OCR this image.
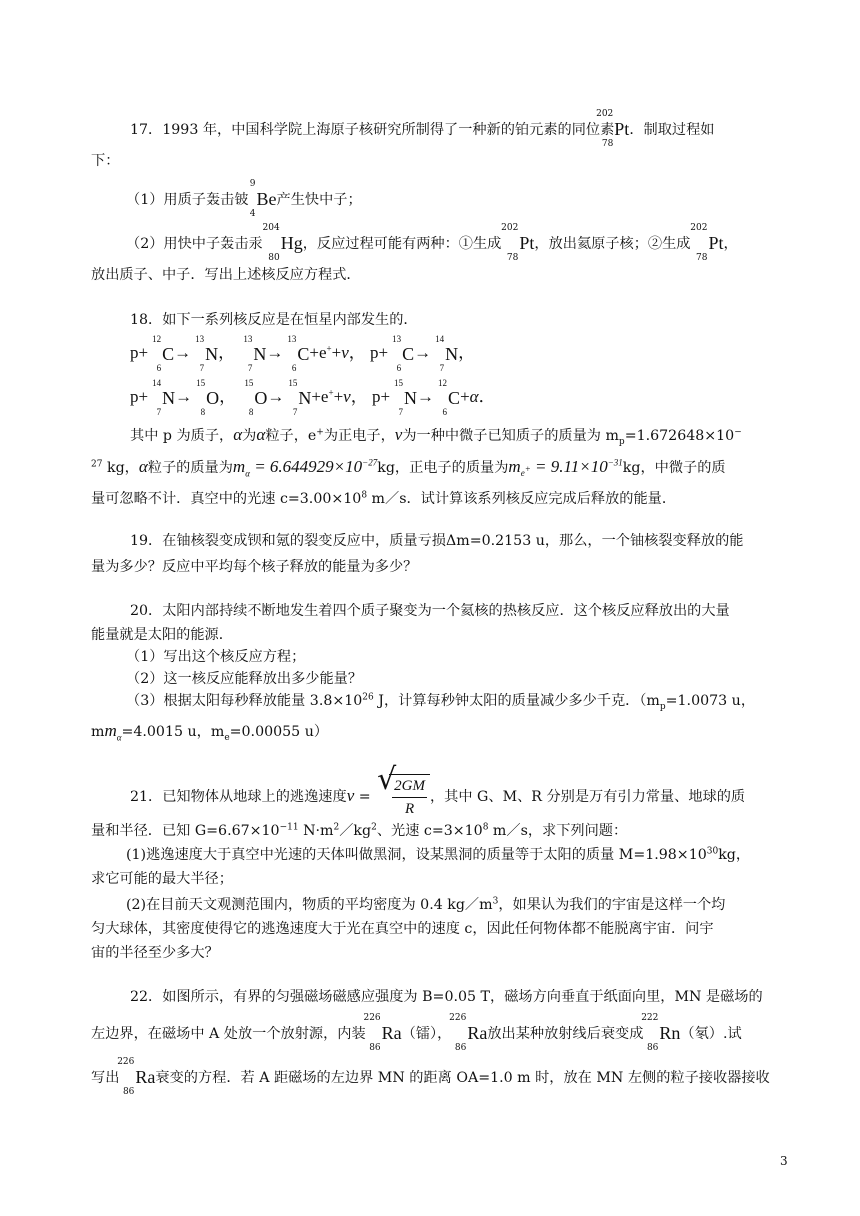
17．1993 年，中国科学院上海原子核研究所制得了一种新的铂元素的同位素
202
78
Pt．制取过程如
下：
（1）用质子轰击铍
9
4
Be产生快中子；
（2）用快中子轰击汞
204
80
Hg，反应过程可能有两种：①生成
202
78
Pt，放出氦原子核；②生成
202
78
Pt，
放出质子、中子．写出上述核反应方程式．
18．如下一系列核反应是在恒星内部发生的．
p+
12
6
C→
13
7
N，
13
7
N→
13
6
C+e++ν， p+
13
6
C→
14
7
N，
p+
14
7
N→
15
8
O，
15
8
O→
15
7
N+e++ν， p+
15
7
N→
12
6
C+α．
其中 p 为质子，α为α粒子，e+为正电子，ν为一种中微子已知质子的质量为 $m_p=1.672648\times 10^-$
$^{27}$ kg，α粒子的质量为$m_\alpha = 6.644929\times 10^{-27}kg$，正电子的质量为$m_{e^+} = 9.11\times 10^{-31}kg$，中微子的质
量可忽略不计．真空中的光速 $c=3.00\times 10^8$ m／s．试计算该系列核反应完成后释放的能量．
19．在铀核裂变成钡和氪的裂变反应中，质量亏损Δm=0.2153 u，那么，一个铀核裂变释放的能
量为多少？反应中平均每个核子释放的能量为多少？
20．太阳内部持续不断地发生着四个质子聚变为一个氦核的热核反应．这个核反应释放出的大量
能量就是太阳的能源．
（1）写出这个核反应方程；
（2）这一核反应能释放出多少能量？
（3）根据太阳每秒释放能量 $3.8\times 10^{26}$ J，计算每秒钟太阳的质量减少多少千克．（$m_p=1.0073$ u，
$mm_\alpha=4.0015$ u，$m_e=0.00055$ u）
21．已知物体从地球上的逃逸速度v =
√ $\frac{2GM}{R}$ ，其中 G、M、R 分别是万有引力常量、地球的质
量和半径．已知 $G=6.67\times 10^{-11}$ $N\cdot m^2/kg^2$、光速 $c=3\times 10^8$ m／s，求下列问题：
(1)逃逸速度大于真空中光速的天体叫做黑洞，设某黑洞的质量等于太阳的质量 $M=1.98\times 10^{30}kg$，
求它可能的最大半径；
(2)在目前天文观测范围内，物质的平均密度为 0.4 $kg/m^3$，如果认为我们的宇宙是这样一个均
匀大球体，其密度使得它的逃逸速度大于光在真空中的速度 c，因此任何物体都不能脱离宇宙．问宇
宙的半径至少多大？
22．如图所示，有界的匀强磁场磁感应强度为 B=0.05 T，磁场方向垂直于纸面向里，MN 是磁场的
左边界，在磁场中 A 处放一个放射源，内装
226
86
Ra（镭），
226
86
Ra放出某种放射线后衰变成
222
86
Rn（氡）.试
写出
226
86
Ra衰变的方程．若 A 距磁场的左边界 MN 的距离 OA=1.0 m 时，放在 MN 左侧的粒子接收器接收
3
